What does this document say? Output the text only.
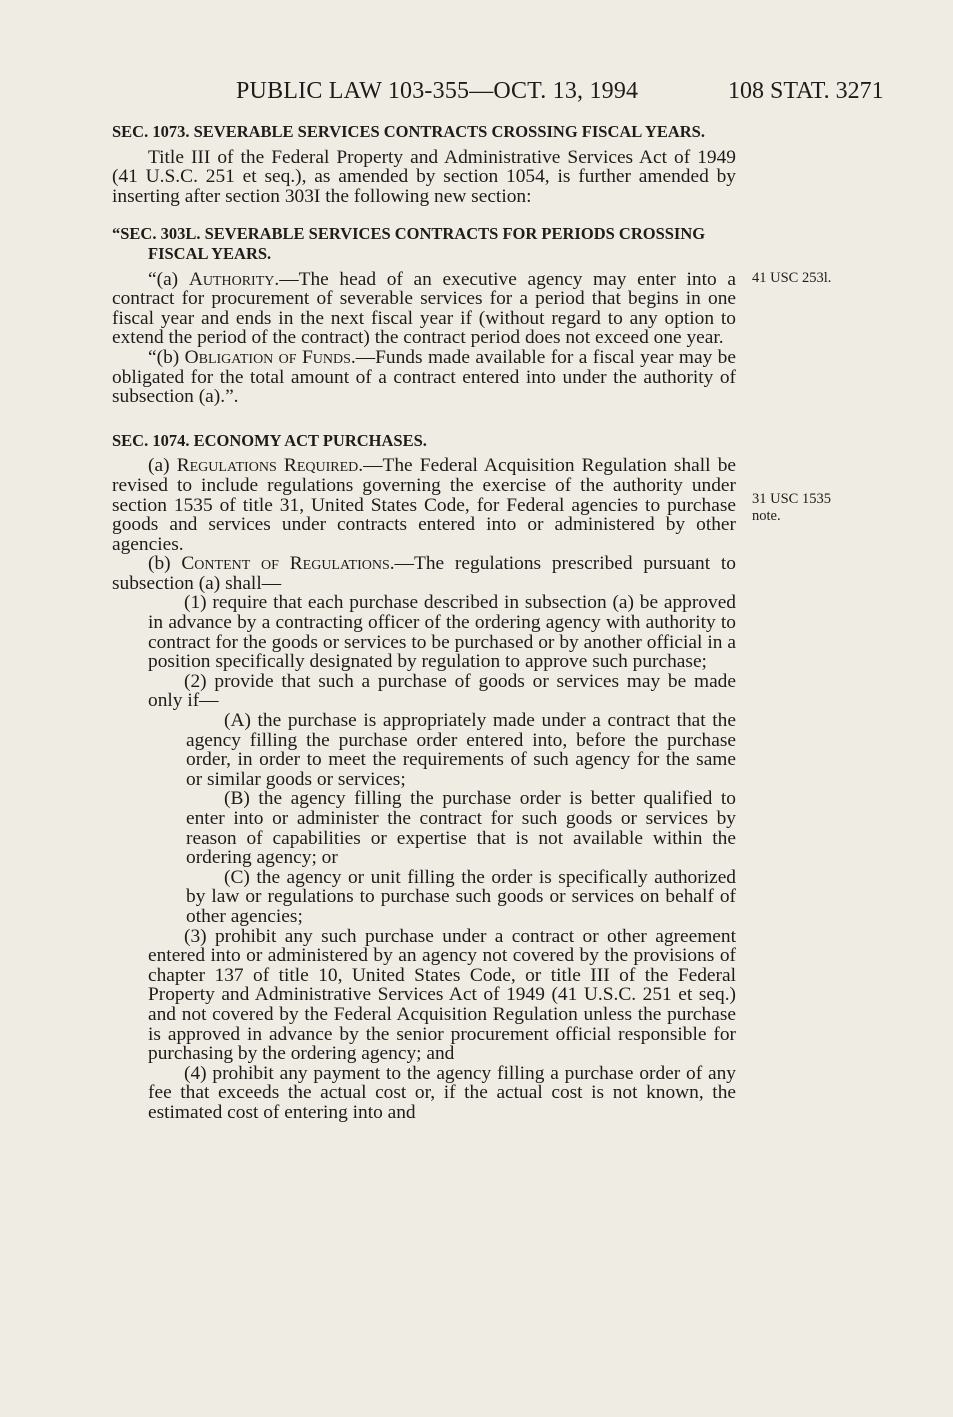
PUBLIC LAW 103-355—OCT. 13, 1994	108 STAT. 3271
SEC. 1073. SEVERABLE SERVICES CONTRACTS CROSSING FISCAL YEARS.

Title III of the Federal Property and Administrative Services Act of 1949 (41 U.S.C. 251 et seq.), as amended by section 1054, is further amended by inserting after section 303I the following new section:

“SEC. 303L. SEVERABLE SERVICES CONTRACTS FOR PERIODS CROSSING FISCAL YEARS.

“(a) Authority.—The head of an executive agency may enter into a contract for procurement of severable services for a period that begins in one fiscal year and ends in the next fiscal year if (without regard to any option to extend the period of the contract) the contract period does not exceed one year.

“(b) Obligation of Funds.—Funds made available for a fiscal year may be obligated for the total amount of a contract entered into under the authority of subsection (a).”.

SEC. 1074. ECONOMY ACT PURCHASES.

(a) Regulations Required.—The Federal Acquisition Regulation shall be revised to include regulations governing the exercise of the authority under section 1535 of title 31, United States Code, for Federal agencies to purchase goods and services under contracts entered into or administered by other agencies.

(b) Content of Regulations.—The regulations prescribed pursuant to subsection (a) shall—

(1) require that each purchase described in subsection (a) be approved in advance by a contracting officer of the ordering agency with authority to contract for the goods or services to be purchased or by another official in a position specifically designated by regulation to approve such purchase;

(2) provide that such a purchase of goods or services may be made only if—

(A) the purchase is appropriately made under a contract that the agency filling the purchase order entered into, before the purchase order, in order to meet the requirements of such agency for the same or similar goods or services;

(B) the agency filling the purchase order is better qualified to enter into or administer the contract for such goods or services by reason of capabilities or expertise that is not available within the ordering agency; or

(C) the agency or unit filling the order is specifically authorized by law or regulations to purchase such goods or services on behalf of other agencies;

(3) prohibit any such purchase under a contract or other agreement entered into or administered by an agency not covered by the provisions of chapter 137 of title 10, United States Code, or title III of the Federal Property and Administrative Services Act of 1949 (41 U.S.C. 251 et seq.) and not covered by the Federal Acquisition Regulation unless the purchase is approved in advance by the senior procurement official responsible for purchasing by the ordering agency; and

(4) prohibit any payment to the agency filling a purchase order of any fee that exceeds the actual cost or, if the actual cost is not known, the estimated cost of entering into and

41 USC 253l.
31 USC 1535
note.
